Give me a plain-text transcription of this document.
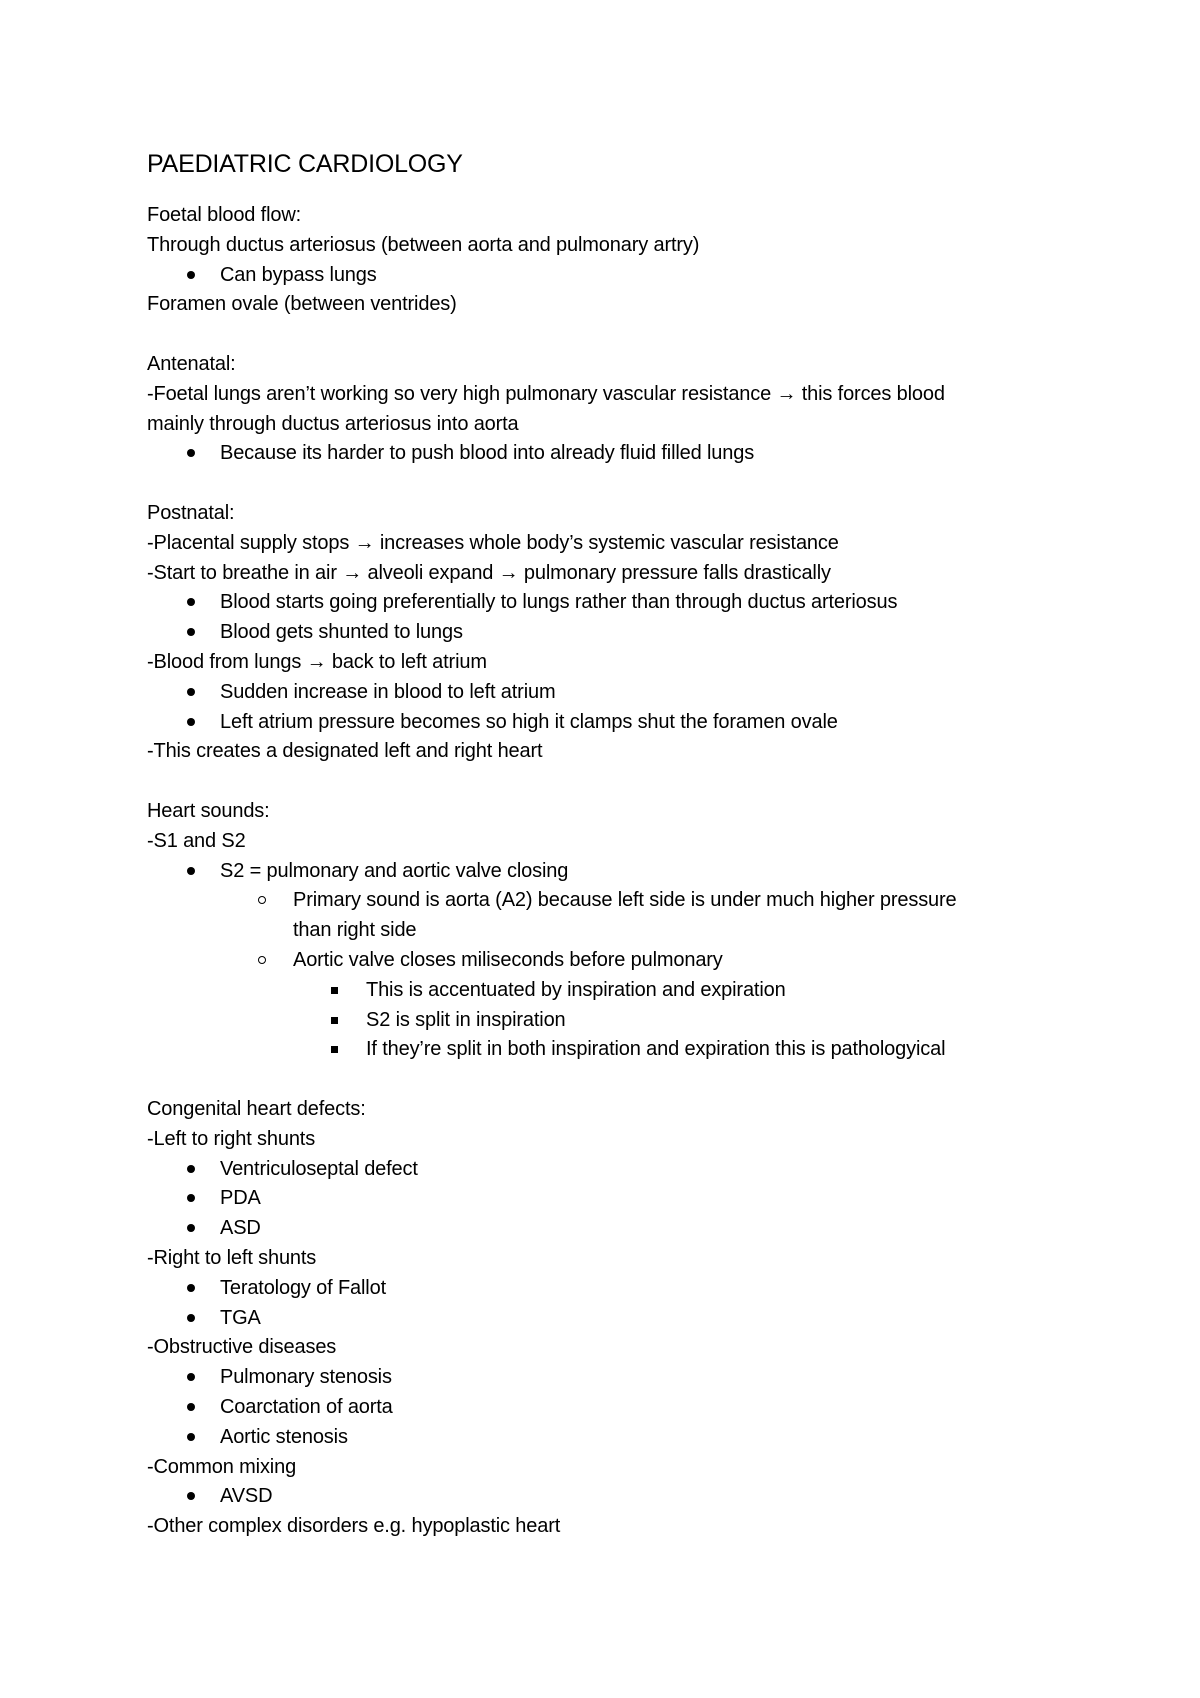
PAEDIATRIC CARDIOLOGY
Foetal blood flow:
Through ductus arteriosus (between aorta and pulmonary artry)
Can bypass lungs
Foramen ovale (between ventrides)
Antenatal:
-Foetal lungs aren’t working so very high pulmonary vascular resistance → this forces blood
mainly through ductus arteriosus into aorta
Because its harder to push blood into already fluid filled lungs
Postnatal:
-Placental supply stops → increases whole body’s systemic vascular resistance
-Start to breathe in air → alveoli expand → pulmonary pressure falls drastically
Blood starts going preferentially to lungs rather than through ductus arteriosus
Blood gets shunted to lungs
-Blood from lungs → back to left atrium
Sudden increase in blood to left atrium
Left atrium pressure becomes so high it clamps shut the foramen ovale
-This creates a designated left and right heart
Heart sounds:
-S1 and S2
S2 = pulmonary and aortic valve closing
Primary sound is aorta (A2) because left side is under much higher pressure
than right side
Aortic valve closes miliseconds before pulmonary
This is accentuated by inspiration and expiration
S2 is split in inspiration
If they’re split in both inspiration and expiration this is pathologyical
Congenital heart defects:
-Left to right shunts
Ventriculoseptal defect
PDA
ASD
-Right to left shunts
Teratology of Fallot
TGA
-Obstructive diseases
Pulmonary stenosis
Coarctation of aorta
Aortic stenosis
-Common mixing
AVSD
-Other complex disorders e.g. hypoplastic heart
